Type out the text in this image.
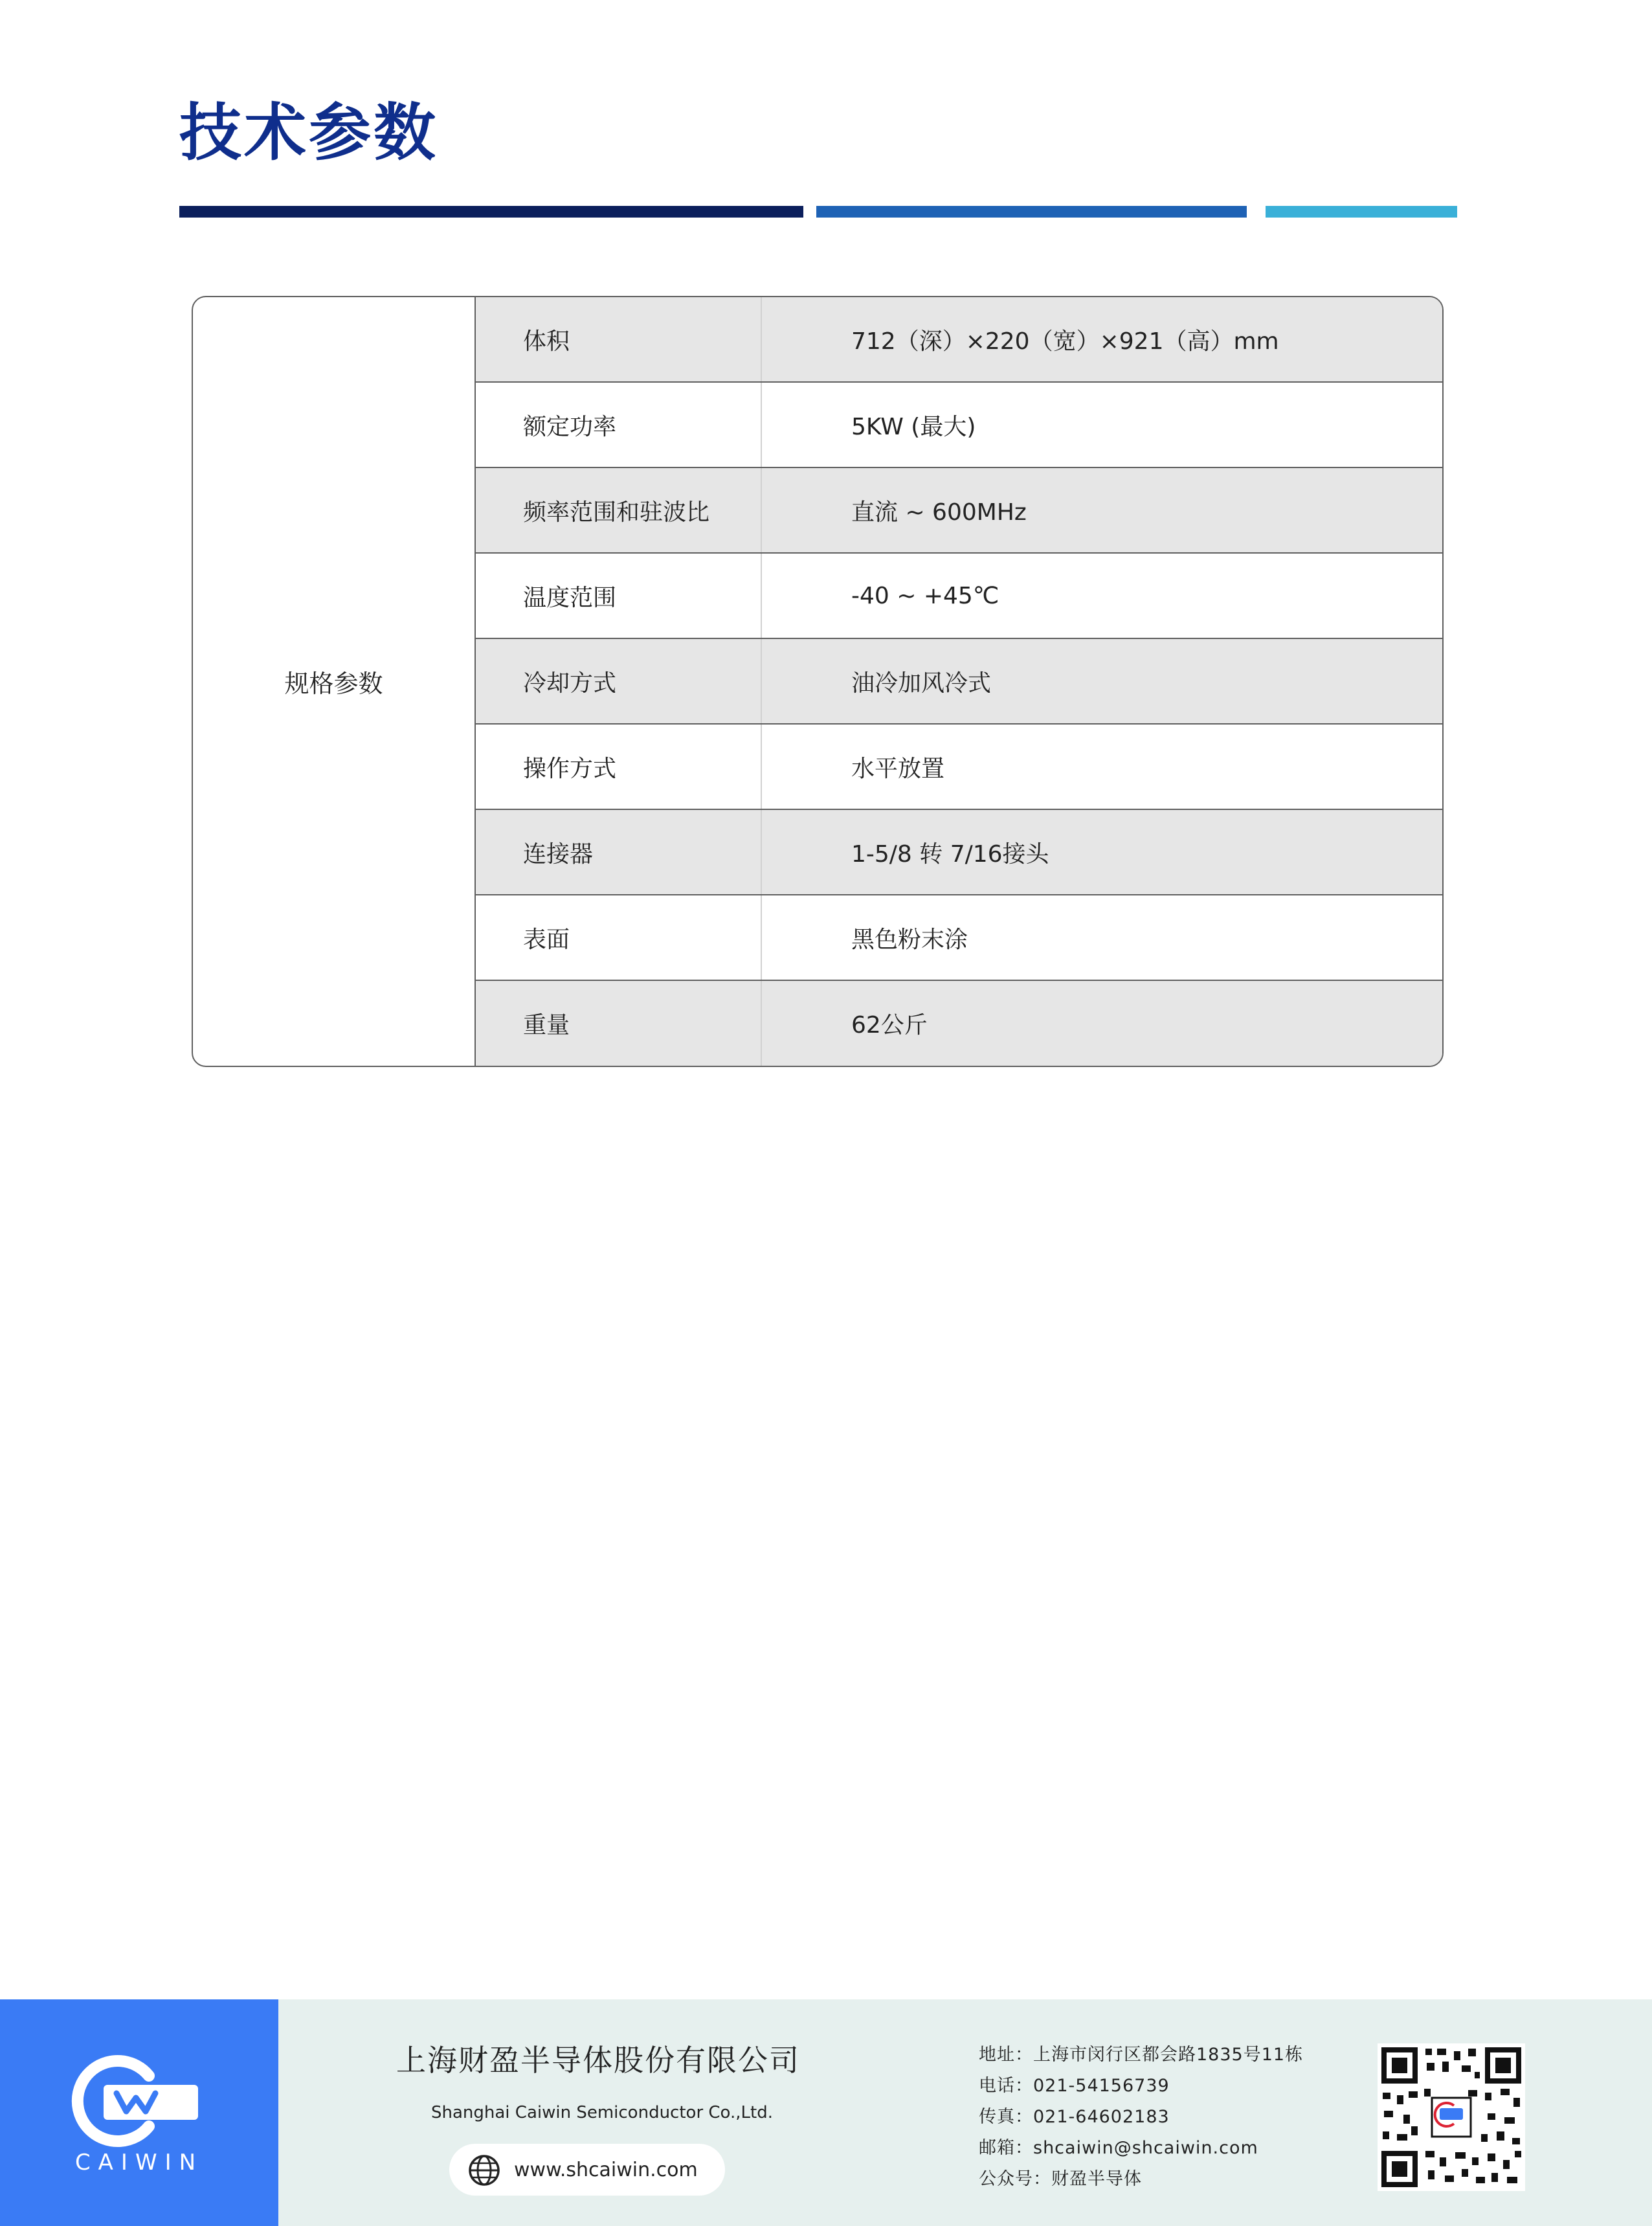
技术参数
规格参数
体积	712（深）×220（宽）×921（高）mm
额定功率	5KW (最大)
频率范围和驻波比	直流 ~ 600MHz
温度范围	-40 ~ +45℃
冷却方式	油冷加风冷式
操作方式	水平放置
连接器	1-5/8 转 7/16接头
表面	黑色粉末涂
重量	62公斤
CAIWIN
上海财盈半导体股份有限公司
Shanghai Caiwin Semiconductor Co.,Ltd.
www.shcaiwin.com
地址：上海市闵行区都会路1835号11栋
电话：021-54156739
传真：021-64602183
邮箱：shcaiwin@shcaiwin.com
公众号：财盈半导体
